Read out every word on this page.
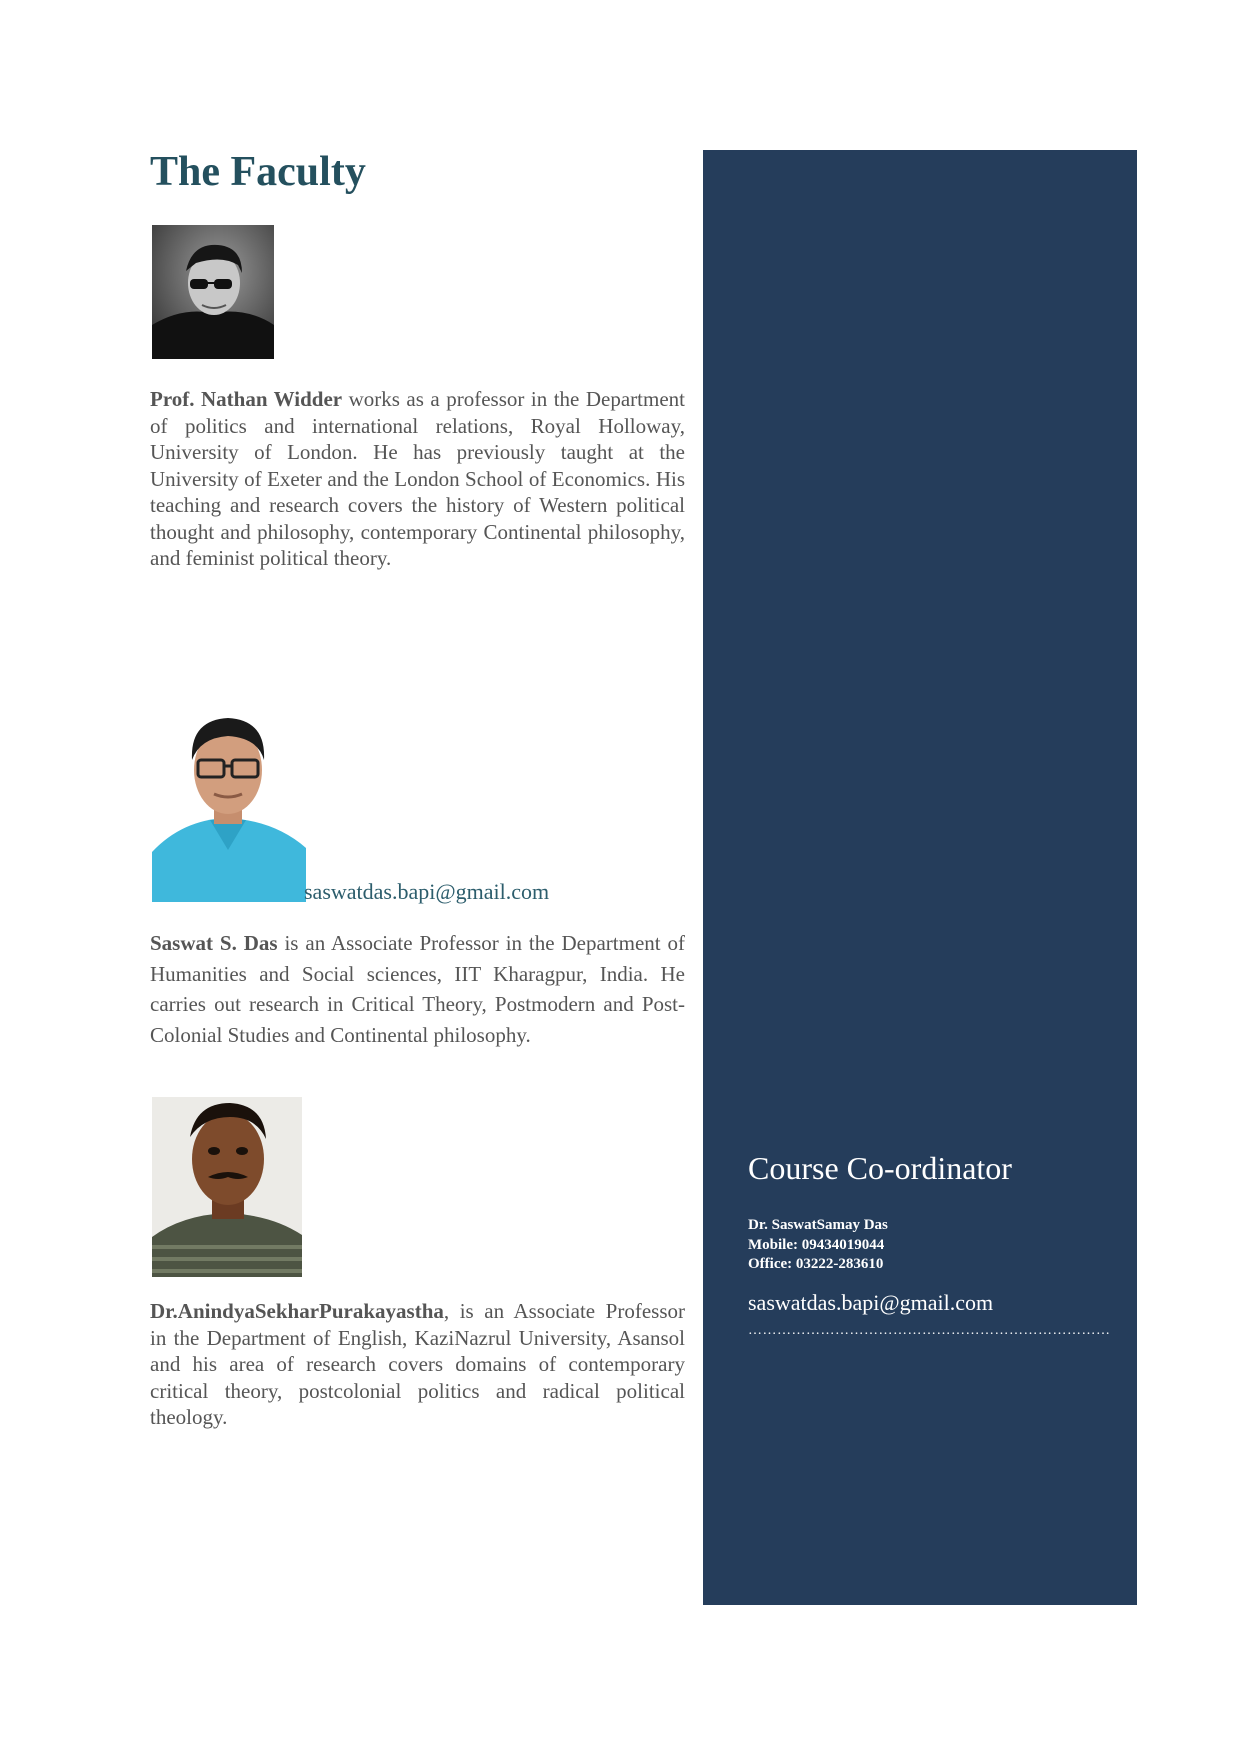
The Faculty

Prof. Nathan Widder works as a professor in the Department of politics and international relations, Royal Holloway, University of London. He has previously taught at the University of Exeter and the London School of Economics. His teaching and research covers the history of Western political thought and philosophy, contemporary Continental philosophy, and feminist political theory.

saswatdas.bapi@gmail.com

Saswat S. Das is an Associate Professor in the Department of Humanities and Social sciences, IIT Kharagpur, India. He carries out research in Critical Theory, Postmodern and Post-Colonial Studies and Continental philosophy.

Dr.AnindyaSekharPurakayastha, is an Associate Professor in the Department of English, KaziNazrul University, Asansol and his area of research covers domains of contemporary critical theory, postcolonial politics and radical political theology.

Course Co-ordinator
Dr. SaswatSamay Das
Mobile: 09434019044
Office: 03222-283610
saswatdas.bapi@gmail.com
…………………………………………………………………
